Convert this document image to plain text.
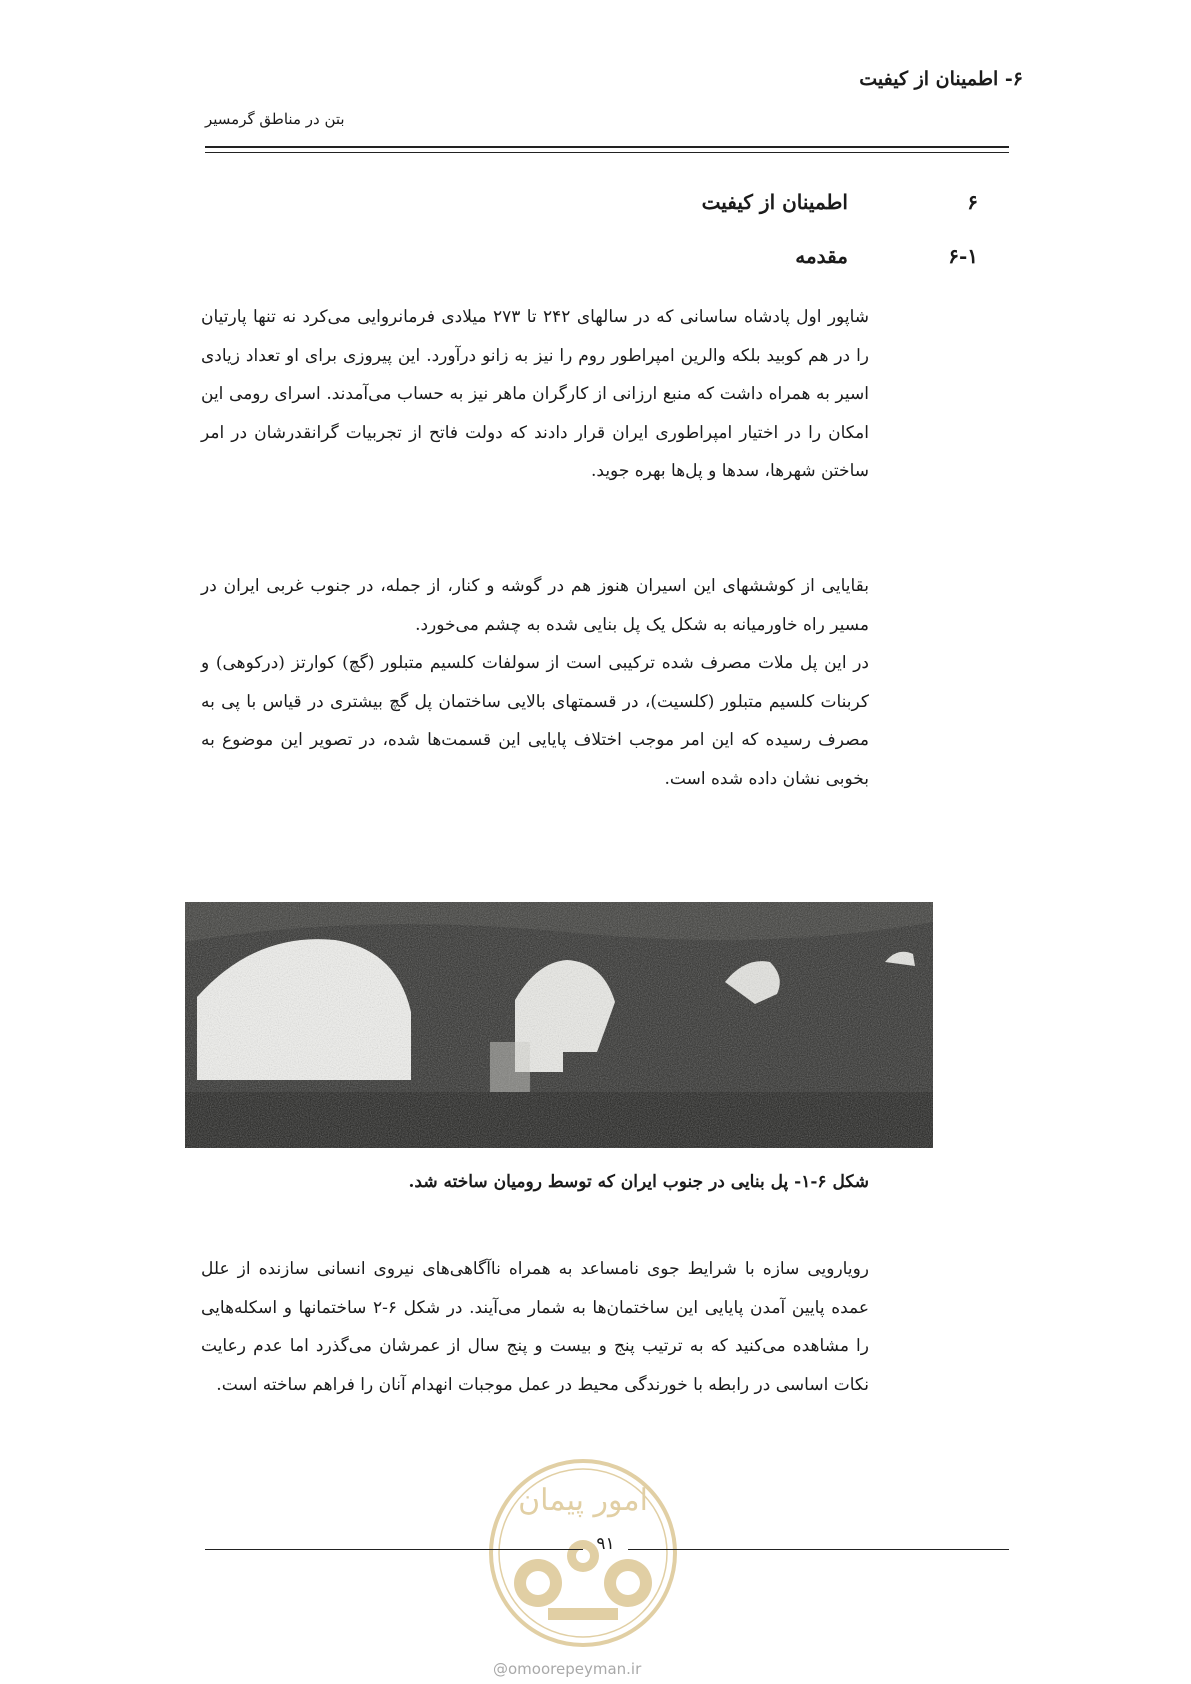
۶- اطمینان از کیفیت
بتن در مناطق گرمسیر
۶
اطمینان از کیفیت
۶-۱
مقدمه

شاپور اول پادشاه ساسانی که در سالهای ۲۴۲ تا ۲۷۳ میلادی فرمانروایی می‌کرد نه تنها پارتیان را در هم کوبید بلکه والرین امپراطور روم را نیز به زانو درآورد. این پیروزی برای او تعداد زیادی اسیر به همراه داشت که منبع ارزانی از کارگران ماهر نیز به حساب می‌آمدند. اسرای رومی این امکان را در اختیار امپراطوری ایران قرار دادند که دولت فاتح از تجربیات گرانقدرشان در امر ساختن شهرها، سدها و پل‌ها بهره جوید.

بقایایی از کوششهای این اسیران هنوز هم در گوشه و کنار، از جمله، در جنوب غربی ایران در مسیر راه خاورمیانه به شکل یک پل بنایی شده به چشم می‌خورد.

در این پل ملات مصرف شده ترکیبی است از سولفات کلسیم متبلور (گچ) کوارتز (درکوهی) و کربنات کلسیم متبلور (کلسیت)، در قسمتهای بالایی ساختمان پل گچ بیشتری در قیاس با پی به مصرف رسیده که این امر موجب اختلاف پایایی این قسمت‌ها شده، در تصویر این موضوع به بخوبی نشان داده شده است.

شکل ۶-۱- پل بنایی در جنوب ایران که توسط رومیان ساخته شد.

رویارویی سازه با شرایط جوی نامساعد به همراه ناآگاهی‌های نیروی انسانی سازنده از علل عمده پایین آمدن پایایی این ساختمان‌ها به شمار می‌آیند. در شکل ۶-۲ ساختمانها و اسکله‌هایی را مشاهده می‌کنید که به ترتیب پنج و بیست و پنج سال از عمرشان می‌گذرد اما عدم رعایت نکات اساسی در رابطه با خورندگی محیط در عمل موجبات انهدام آنان را فراهم ساخته است.

امور پیمان
۹۱
@omoorepeyman.ir
